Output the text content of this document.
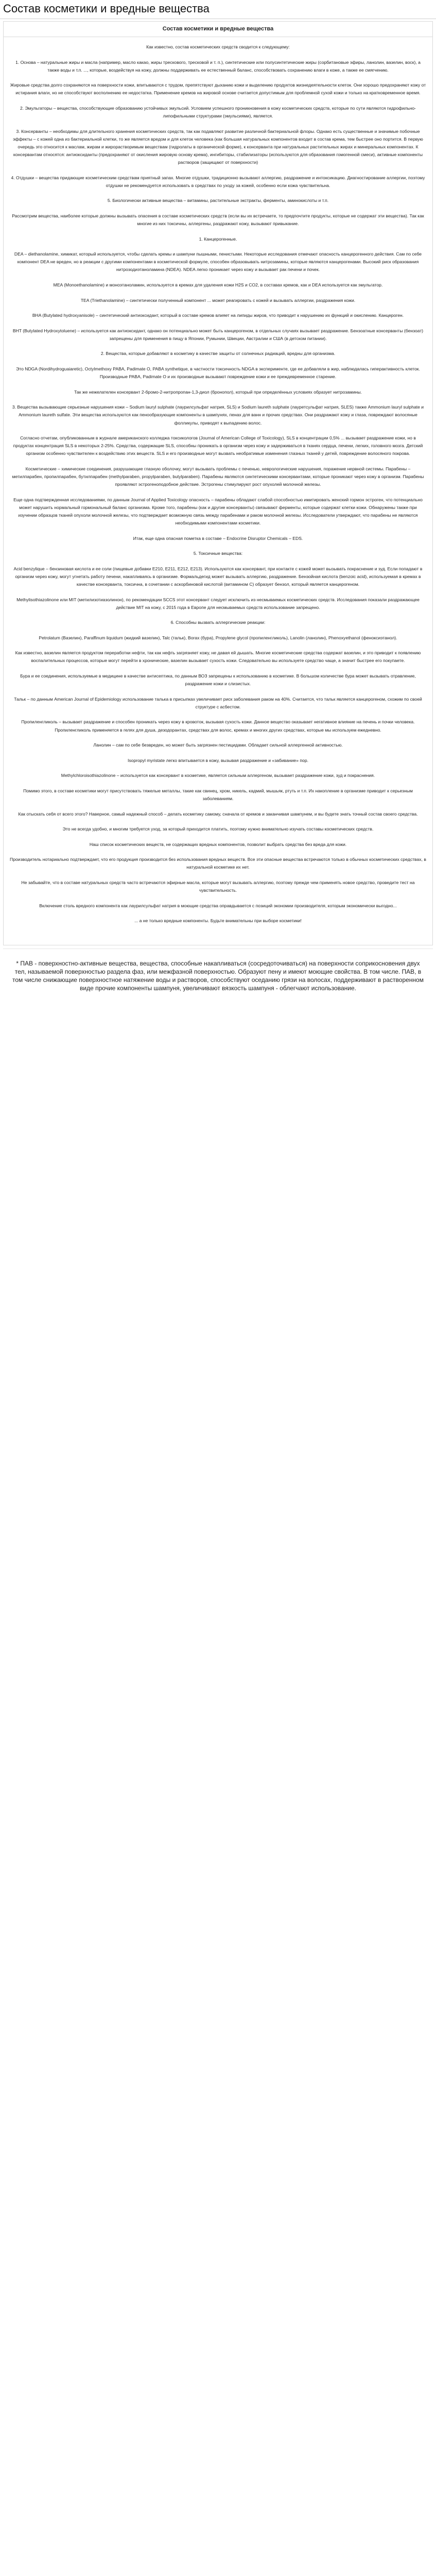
Состав косметики и вредные вещества
Состав косметики и вредные вещества

Как известно, состав косметических средств сводится к следующему:

1. Основа – натуральные жиры и масла (например, масло какао, жиры трескового, тресковой и т. п.), синтетические или полусинтетические жиры (сорбитановые эфиры, ланолин, вазелин, воск), а также воды и т.п. ..., которые, воздействуя на кожу, должны поддерживать ее естественный баланс, способствовать сохранению влаги в коже, а также ее смягчению.

Жировые средства долго сохраняются на поверхности кожи, впитываются с трудом, препятствуют дыханию кожи и выделению продуктов жизнедеятельности клеток. Они хорошо предохраняют кожу от истирания влаги, но не способствуют восполнению ее недостатка. Применение кремов на жировой основе считается допустимым для проблемной сухой кожи и только на кратковременное время.

2. Эмульгаторы – вещества, способствующие образованию устойчивых эмульсий. Условием успешного проникновения в кожу косметических средств, которые по сути являются гидрофильно-липофильными структурами (эмульсиями), является.

3. Консерванты – необходимы для длительного хранения косметических средств, так как подавляют развитие различной бактериальной флоры. Однако есть существенные и значимые побочные эффекты – с кожей одна из бактериальной клетки, то же является вредом и для клеток человека (как большая натуральных компонентов входит в состав крема, тем быстрее оно портится. В первую очередь это относится к маслам, жирам и жирорастворимым веществам (гидролаты в органической форме), к консерванта при натуральных растительных жирах и минеральных компонентах. К консервантам относятся: антиоксиданты (предохраняют от окисления жировую основу крема), ингибиторы, стабилизаторы (используются для образования гомогенной смеси), активные компоненты растворов (защищают от поверхности)

4. Отдушки – вещества придающие косметическим средствам приятный запах. Многие отдушки, традиционно вызывают аллергию, раздражение и интоксикацию. Диагностирование аллергии, поэтому отдушки не рекомендуется использовать в средствах по уходу за кожей, особенно если кожа чувствительна.

5. Биологически активные вещества – витамины, растительные экстракты, ферменты, аминокислоты и т.п.

Рассмотрим вещества, наиболее которые должны вызывать опасения в составе косметических средств (если вы их встречаете, то предпочтите продукты, которые не содержат эти вещества). Так как многие из них токсичны, аллергены, раздражают кожу, вызывают привыкание.

1. Канцерогенные.

DEA – diethanolamine, химикат, который используется, чтобы сделать кремы и шампуни пышными, пенистыми. Некоторые исследования отмечают опасность канцерогенного действия. Сам по себе компонент DEA не вреден, но в реакции с другими компонентами в косметической формуле, способен образовывать нитрозамины, которые являются канцерогенами. Высокий риск образования нитрозодиэтаноламина (NDEA). NDEA легко проникает через кожу и вызывает рак печени и почек.

MEA (Monoethanolamine) и моноэтаноламин, используется в кремах для удаления кожи H2S и CO2, в составах кремов, как и DEA используется как эмульгатор.

TEA (Triethanolamine) – синтетически полученный компонент ... может реагировать с кожей и вызывать аллергии, раздражения кожи.

BHA (Butylated hydroxyanisole) – синтетический антиоксидант, который в составе кремов влияет на липиды жиров, что приводит к нарушению их функций и окислению. Канцероген.

BHT (Butylated Hydroxytoluene) – используется как антиоксидант, однако он потенциально может быть канцерогеном, в отдельных случаях вызывает раздражение. Бензоатные консерванты (бензоат) запрещены для применения в пищу в Японии, Румынии, Швеции, Австралии и США (в детском питании).

2. Вещества, которые добавляют в косметику в качестве защиты от солнечных радиаций, вредны для организма.

Это NDGA (Nordihydroguaiaretic), Octylmethoxy PABA, Padimate O, PABA synthetique, в частности токсичность NDGA в эксперименте, где ее добавляли в жир, наблюдалась гиперактивность клеток. Производные PABA, Padimate O и их производные вызывают повреждение кожи и ее преждевременное старение.

Так же нежелателен консервант 2-бромо-2-нитропропан-1,3-диол (бронопол), который при определённых условиях образует нитрозамины.

3. Вещества вызывающие серьезные нарушения кожи – Sodium lauryl sulphate (лаурилсульфат натрия, SLS) и Sodium laureth sulphate (лауретсульфат натрия, SLES) также Ammonium lauryl sulphate и Ammonium laureth sulfate. Эти вещества используются как пенообразующие компоненты в шампунях, пенах для ванн и прочих средствах. Они раздражают кожу и глаза, повреждают волосяные фолликулы, приводят к выпадению волос.

Согласно отчетам, опубликованным в журнале американского колледжа токсикологов (Journal of American College of Toxicology), SLS в концентрации 0,5% ... вызывает раздражение кожи, но в продуктах концентрация SLS в некоторых 2-25%. Средства, содержащие SLS, способны проникать в организм через кожу и задерживаться в тканях сердца, печени, легких, головного мозга. Детский организм особенно чувствителен к воздействию этих веществ. SLS и его производные могут вызвать необратимые изменения глазных тканей у детей, повреждение волосяного покрова.

Косметические – химические соединения, разрушающие глазную оболочку, могут вызывать проблемы с печенью, неврологические нарушения, поражение нервной системы. Парабены – метилпарабен, пропилпарабен, бутилпарабен (methylparaben, propylparaben, butylparaben). Парабены являются синтетическими консервантами, которые проникают через кожу в организм. Парабены проявляют эстрогеноподобное действие. Эстрогены стимулируют рост опухолей молочной железы.

Еще одна подтвержденная исследованиями, по данным Journal of Applied Toxicology опасность – парабены обладают слабой способностью имитировать женский гормон эстроген, что потенциально может нарушить нормальный гормональный баланс организма. Кроме того, парабены (как и другие консерванты) связывают ферменты, которые содержат клетки кожи. Обнаружены также при изучении образцов тканей опухоли молочной железы, что подтверждает возможную связь между парабенами и раком молочной железы. Исследователи утверждают, что парабены не являются необходимыми компонентами косметики.

Итак, еще одна опасная пометка в составе – Endocrine Disruptor Chemicals – EDS.

5. Токсичные вещества:

Acid benzylique – бензиновая кислота и ее соли (пищевые добавки E210, E211, E212, E213). Используются как консервант, при контакте с кожей может вызывать покраснение и зуд. Если попадают в организм через кожу, могут угнетать работу печени, накапливаясь в организме. Формальдегид может вызывать аллергию, раздражение. Бензойная кислота (benzoic acid), используемая в кремах в качестве консерванта, токсична, в сочетании с аскорбиновой кислотой (витамином С) образует бензол, который является канцерогеном.

Methylisothiazolinone или MIT (метилизотиазолинон), по рекомендации SCCS этот консервант следует исключить из несмываемых косметических средств. Исследования показали раздражающее действие MIT на кожу, с 2015 года в Европе для несмываемых средств использование запрещено.

6. Способны вызвать аллергические реакции:

Petrolatum (Вазелин), Paraffinum liquidum (жидкий вазелин), Talc (тальк), Borax (бура), Propylene glycol (пропиленгликоль), Lanolin (ланолин), Phenoxyethanol (феноксиэтанол).

Как известно, вазелин является продуктом переработки нефти, так как нефть загрязняет кожу, не давая ей дышать. Многие косметические средства содержат вазелин, и это приводит к появлению воспалительных процессов, которые могут перейти в хронические, вазелин вызывает сухость кожи. Следовательно вы используете средство чаще, а значит быстрее его покупаете.

Бура и ее соединения, используемые в медицине в качестве антисептика, по данным ВОЗ запрещены к использованию в косметике. В большом количестве бура может вызывать отравление, раздражение кожи и слизистых.

Тальк – по данным American Journal of Epidemiology использование талька в присыпках увеличивает риск заболевания раком на 40%. Считается, что тальк является канцерогеном, схожим по своей структуре с асбестом.

Пропиленгликоль – вызывает раздражение и способен проникать через кожу в кровоток, вызывая сухость кожи. Данное вещество оказывает негативное влияние на печень и почки человека. Пропиленгликоль применяется в гелях для душа, дезодорантах, средствах для волос, кремах и многих других средствах, которые мы используем ежедневно.

Ланолин – сам по себе безвреден, но может быть загрязнен пестицидами. Обладает сильной аллергенной активностью.

Isopropyl myristate легко впитывается в кожу, вызывая раздражение и «забивание» пор.

Methylchloroisothiazolinone – используется как консервант в косметике, является сильным аллергеном, вызывает раздражение кожи, зуд и покраснения.

Помимо этого, в составе косметики могут присутствовать тяжелые металлы, такие как свинец, хром, никель, кадмий, мышьяк, ртуть и т.п. Их накопление в организме приводит к серьезным заболеваниям.

Как отыскать себя от всего этого? Наверное, самый надежный способ – делать косметику самому, сначала от кремов и заканчивая шампунем, и вы будете знать точный состав своего средства.

Это не всегда удобно, и многим требуется уход, за который приходится платить, поэтому нужно внимательно изучать составы косметических средств.

Наш список косметических веществ, не содержащих вредных компонентов, позволит выбрать средства без вреда для кожи.

Производитель нотариально подтверждает, что его продукция производится без использования вредных веществ. Все эти опасные вещества встречаются только в обычных косметических средствах, в натуральной косметике их нет.

Не забывайте, что в составе натуральных средств часто встречаются эфирные масла, которые могут вызывать аллергию, поэтому прежде чем применять новое средство, проведите тест на чувствительность.

Включение столь вредного компонента как лаурилсульфат натрия в моющие средства оправдывается с позиций экономии производителя, которым экономически выгодно...

... а не только вредные компоненты. Будьте внимательны при выборе косметики!

* ПАВ - поверхностно-активные вещества, вещества, способные накапливаться (сосредоточиваться) на поверхности соприкосновения двух тел, называемой поверхностью раздела фаз, или межфазной поверхностью. Образуют пену и имеют моющие свойства. В том числе. ПАВ, в том числе снижающие поверхностное натяжение воды и растворов, способствуют оседанию грязи на волосах, поддерживают в растворенном виде прочие компоненты шампуня, увеличивают вязкость шампуня - облегчают использование.
